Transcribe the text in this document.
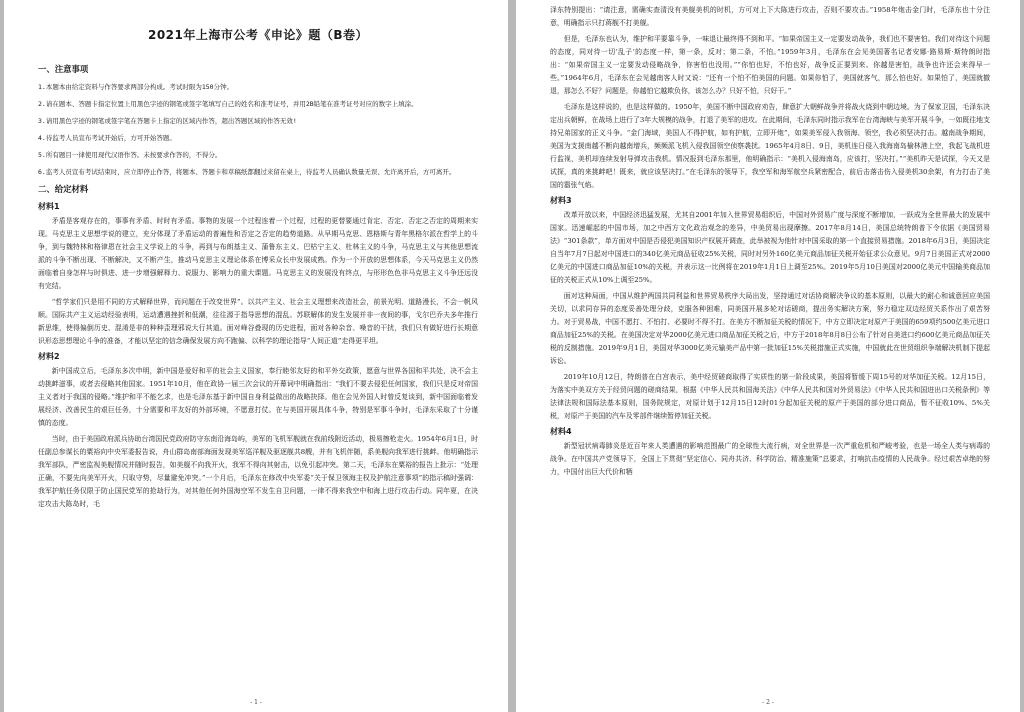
2021年上海市公考《申论》题（B卷）
一、注意事项
1.本题本由给定资料与作答要求两部分构成。考试时限为150分钟。
2.请在题本、答题卡指定位置上用黑色字迹的钢笔或签字笔填写自己的姓名和准考证号，并用2B铅笔在准考证号对应的数字上填涂。
3.请用黑色字迹的钢笔或签字笔在答题卡上指定的区域内作答，超出答题区域的作答无效!
4.待监考人员宣布考试开始后，方可开始答题。
5.所有题目一律使用现代汉语作答。未按要求作答的，不得分。
6.监考人员宣布考试结束时，应立即停止作答，将题本、答题卡和草稿纸都翻过来留在桌上，待监考人员确认数量无误、允许离开后，方可离开。
二、给定材料
材料1
矛盾是客观存在的，事事有矛盾、时时有矛盾。事物的发展一个过程连着一个过程，过程的更替要通过肯定、否定、否定之否定的周期来实现。马克思主义思想学说的建立，充分体现了矛盾运动的普遍性和否定之否定的趋势道路。从早期马克思、恩格斯与青年黑格尔派在哲学上的斗争，到与魏特林和格律恩在社会主义学说上的斗争，再到与布朗基主义、蒲鲁东主义、巴枯宁主义、杜林主义的斗争，马克思主义与其他思想流派的斗争不断出现、不断解决，又不断产生，推动马克思主义理论体系在博采众长中发展成熟。作为一个开放的思想体系，今天马克思主义仍然面临着自身怎样与时俱进、进一步增强解释力、说服力、影响力的重大课题。马克思主义的发展没有终点，与形形色色非马克思主义斗争还远没有完结。
“哲学家们只是用不同的方式解释世界，而问题在于改变世界”。以共产主义、社会主义理想来改造社会，前景光明、道路漫长，不会一帆风顺。国际共产主义运动经验表明，运动遭遇挫折和低潮，往往源于指导思想的混乱。苏联解体的发生发展并非一夜间的事，戈尔巴乔夫多年推行新思维，使得偏倒历史、混淆是非的种种歪理邪说大行其道。面对峰谷叠现的历史进程，面对各种杂音、噪音的干扰，我们只有做好进行长期意识形态思想理论斗争的准备，才能以坚定的信念确保发展方向不跑偏、以科学的理论指导“人间正道”走得更平坦。
材料2
新中国成立后，毛泽东多次申明，新中国是爱好和平的社会主义国家，奉行睦邻友好的和平外交政策，愿意与世界各国和平共处，决不会主动挑衅滋事，或者去侵略其他国家。1951年10月，他在政协一届三次会议的开幕词中明确指出：“我们不要去侵犯任何国家，我们只是反对帝国主义者对于我国的侵略。”维护和平不能乞求，也是毛泽东基于新中国自身利益做出的战略抉择。他在会见外国人时曾反复谈到，新中国面临着发展经济、改善民生的艰巨任务，十分需要和平友好的外部环境，不愿意打仗。在与美国开展具体斗争，特别是军事斗争时，毛泽东采取了十分谨慎的态度。
当时，由于美国政府派兵协助台湾国民党政府防守东南沿海岛屿，美军的飞机军舰就在我前线附近活动，极易擦枪走火。1954年6月1日，时任副总参谋长的粟裕向中央军委报告说，舟山群岛南部海面发现美军巡洋舰及驱逐舰共8艘，并有飞机伴随，系美舰向我军进行挑衅。他明确指示我军部队，严密监视美舰情况并随时报告，如美舰不向我开火，我军不得向其射击，以免引起冲突。第二天，毛泽东在粟裕的报告上批示：“处理正确，不要先向美军开火，只取守势，尽量避免冲突。”一个月后，毛泽东在修改中央军委“关于保卫领海主权及护航注意事项”的指示稿时强调：我军护航任务仅限于防止国民党军的抢劫行为，对其他任何外国海空军不发生自卫问题，一律不得来我空中和海上进行攻击行动。同年夏，在决定攻击大陈岛时，毛
- 1 -
泽东特别提出：“请注意，需确实查清没有美舰美机的时机，方可对上下大陈进行攻击，否则不要攻击。”1958年炮击金门时，毛泽东也十分注意，明确指示只打蒋舰不打美舰。
但是，毛泽东也认为，维护和平要靠斗争，一味退让最终得不到和平。“如果帝国主义一定要发动战争，我们也不要害怕。我们对待这个问题的态度，同对待一切‘乱子’的态度一样，第一条，反对；第二条，不怕。”1959年3月，毛泽东在会见美国著名记者安娜·路易斯·斯特朗时指出：“如果帝国主义一定要发动侵略战争，你害怕也没用。”“你怕也好，不怕也好，战争反正要到来。你越是害怕，战争也许还会来得早一些。”1964年6月，毛泽东在会见越南客人时又说：“还有一个怕不怕美国的问题。如果你怕了，美国就客气，那么怕也好。如果怕了，美国就撤退，那怎么不好？问题是，你越怕它越欺负你，该怎么办？只好不怕，只好干。”
毛泽东是这样说的，也是这样做的。1950年，美国不断中国政府劝告，肆意扩大朝鲜战争并将战火烧到中朝边境。为了保家卫国，毛泽东决定出兵朝鲜，在战场上进行了3年大规模的战争，打退了美军的进攻。在此期间，毛泽东同时指示我军在台湾海峡与美军开展斗争，一如既往地支持兄弟国家的正义斗争。“金门海域，美国人不得护航，如有护航，立即开炮”，如果美军侵入我领海、领空，我必须坚决打击。越南战争期间，美国为支援南越不断向越南增兵，频频派飞机入侵我国领空侦察袭扰。1965年4月8日、9日，美机连日侵入我海南岛榆林港上空，我起飞战机进行监视，美机却连续发射导弹攻击我机。情况报到毛泽东那里，他明确指示：“美机入侵海南岛，应该打，坚决打。”“美机昨天是试探，今天又是试探，真的来挑衅吧！既来，就应该坚决打。”在毛泽东的领导下，我空军和海军航空兵紧密配合，前后击落击伤入侵美机30余架，有力打击了美国的嚣张气焰。
材料3
改革开放以来，中国经济迅猛发展，尤其自2001年加入世界贸易组织后，中国对外贸易广度与深度不断增加，一跃成为全世界最大的发展中国家。迅速崛起的中国市场，加之中西方文化政治观念的差异，中美贸易出现摩擦。2017年8月14日，美国总统特朗普下令依据《美国贸易法》“301条款”，单方面对中国是否侵犯美国知识产权展开调查，此举被视为他针对中国采取的第一个直接贸易措施。2018年6月3日，美国决定自当年7月7日起对中国进口的340亿美元商品征收25%关税，同时对另外160亿美元商品加征关税开始征求公众意见。9月7日美国正式对2000亿美元的中国进口商品加征10%的关税，并表示这一比例将在2019年1月1日上调至25%。2019年5月10日美国对2000亿美元中国输美商品加征的关税正式从10%上调至25%。
面对这种局面，中国从维护两国共同利益和世界贸易秩序大局出发，坚持通过对话协商解决争议的基本原则，以最大的耐心和诚意回应美国关切，以求同存异的态度妥善处理分歧，克服各种困难，同美国开展多轮对话磋商，提出务实解决方案，努力稳定双边经贸关系作出了艰苦努力。对于贸易战，中国不愿打、不怕打、必要时不得不打。在美方不断加征关税的情况下，中方立即决定对原产于美国的659项约500亿美元进口商品加征25%的关税。在美国决定对华2000亿美元进口商品加征关税之后，中方于2018年8月8日公布了针对自美进口约600亿美元商品加征关税的反制措施。2019年9月1日，美国对华3000亿美元输美产品中第一批加征15%关税措施正式实施，中国就此在世贸组织争端解决机制下提起诉讼。
2019年10月12日，特朗普在白宫表示，美中经贸磋商取得了实质性的第一阶段成果，美国将暂缓下周15号的对华加征关税。12月15日，为落实中美双方关于经贸问题的磋商结果，根据《中华人民共和国海关法》《中华人民共和国对外贸易法》《中华人民共和国进出口关税条例》等法律法规和国际法基本原则，国务院规定，对原计划于12月15日12时01分起加征关税的原产于美国的部分进口商品，暂不征收10%、5%关税，对原产于美国的汽车及零部件继续暂停加征关税。
材料4
新型冠状病毒肺炎是近百年来人类遭遇的影响范围最广的全球性大流行病，对全世界是一次严重危机和严峻考验，也是一场全人类与病毒的战争。在中国共产党领导下，全国上下贯彻“坚定信心、同舟共济、科学防治、精准施策”总要求，打响抗击疫情的人民战争。经过艰苦卓绝的努力，中国付出巨大代价和牺
- 2 -
